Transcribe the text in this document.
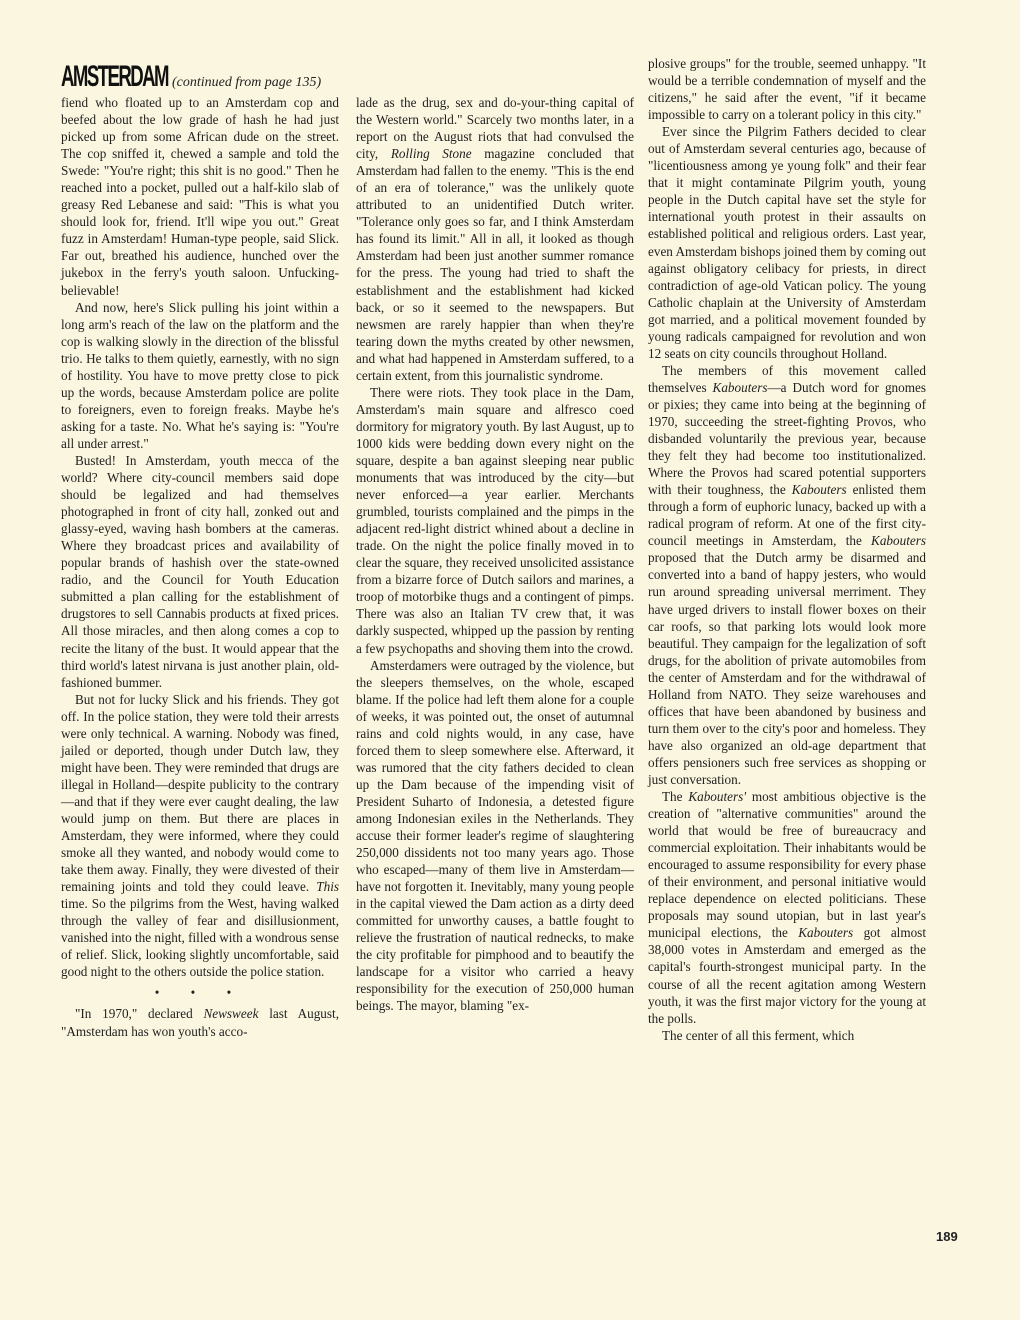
AMSTERDAM (continued from page 135)

fiend who floated up to an Amsterdam cop and beefed about the low grade of hash he had just picked up from some African dude on the street. The cop sniffed it, chewed a sample and told the Swede: "You're right; this shit is no good." Then he reached into a pocket, pulled out a half-kilo slab of greasy Red Lebanese and said: "This is what you should look for, friend. It'll wipe you out." Great fuzz in Amsterdam! Human-type people, said Slick. Far out, breathed his audience, hunched over the jukebox in the ferry's youth saloon. Unfucking-believable!

And now, here's Slick pulling his joint within a long arm's reach of the law on the platform and the cop is walking slowly in the direction of the blissful trio. He talks to them quietly, earnestly, with no sign of hostility. You have to move pretty close to pick up the words, because Amsterdam police are polite to foreigners, even to foreign freaks. Maybe he's asking for a taste. No. What he's saying is: "You're all under arrest."

Busted! In Amsterdam, youth mecca of the world? Where city-council members said dope should be legalized and had themselves photographed in front of city hall, zonked out and glassy-eyed, waving hash bombers at the cameras. Where they broadcast prices and availability of popular brands of hashish over the state-owned radio, and the Council for Youth Education submitted a plan calling for the establishment of drugstores to sell Cannabis products at fixed prices. All those miracles, and then along comes a cop to recite the litany of the bust. It would appear that the third world's latest nirvana is just another plain, old-fashioned bummer.

But not for lucky Slick and his friends. They got off. In the police station, they were told their arrests were only technical. A warning. Nobody was fined, jailed or deported, though under Dutch law, they might have been. They were reminded that drugs are illegal in Holland—despite publicity to the contrary —and that if they were ever caught dealing, the law would jump on them. But there are places in Amsterdam, they were informed, where they could smoke all they wanted, and nobody would come to take them away. Finally, they were divested of their remaining joints and told they could leave. This time. So the pilgrims from the West, having walked through the valley of fear and disillusionment, vanished into the night, filled with a wondrous sense of relief. Slick, looking slightly uncomfortable, said good night to the others outside the police station.

• • •

"In 1970," declared Newsweek last August, "Amsterdam has won youth's acco-

lade as the drug, sex and do-your-thing capital of the Western world." Scarcely two months later, in a report on the August riots that had convulsed the city, Rolling Stone magazine concluded that Amsterdam had fallen to the enemy. "This is the end of an era of tolerance," was the unlikely quote attributed to an unidentified Dutch writer. "Tolerance only goes so far, and I think Amsterdam has found its limit." All in all, it looked as though Amsterdam had been just another summer romance for the press. The young had tried to shaft the establishment and the establishment had kicked back, or so it seemed to the newspapers. But newsmen are rarely happier than when they're tearing down the myths created by other newsmen, and what had happened in Amsterdam suffered, to a certain extent, from this journalistic syndrome.

There were riots. They took place in the Dam, Amsterdam's main square and alfresco coed dormitory for migratory youth. By last August, up to 1000 kids were bedding down every night on the square, despite a ban against sleeping near public monuments that was introduced by the city—but never enforced—a year earlier. Merchants grumbled, tourists complained and the pimps in the adjacent red-light district whined about a decline in trade. On the night the police finally moved in to clear the square, they received unsolicited assistance from a bizarre force of Dutch sailors and marines, a troop of motorbike thugs and a contingent of pimps. There was also an Italian TV crew that, it was darkly suspected, whipped up the passion by renting a few psychopaths and shoving them into the crowd.

Amsterdamers were outraged by the violence, but the sleepers themselves, on the whole, escaped blame. If the police had left them alone for a couple of weeks, it was pointed out, the onset of autumnal rains and cold nights would, in any case, have forced them to sleep somewhere else. Afterward, it was rumored that the city fathers decided to clean up the Dam because of the impending visit of President Suharto of Indonesia, a detested figure among Indonesian exiles in the Netherlands. They accuse their former leader's regime of slaughtering 250,000 dissidents not too many years ago. Those who escaped—many of them live in Amsterdam—have not forgotten it. Inevitably, many young people in the capital viewed the Dam action as a dirty deed committed for unworthy causes, a battle fought to relieve the frustration of nautical rednecks, to make the city profitable for pimphood and to beautify the landscape for a visitor who carried a heavy responsibility for the execution of 250,000 human beings. The mayor, blaming "ex-

plosive groups" for the trouble, seemed unhappy. "It would be a terrible condemnation of myself and the citizens," he said after the event, "if it became impossible to carry on a tolerant policy in this city."

Ever since the Pilgrim Fathers decided to clear out of Amsterdam several centuries ago, because of "licentiousness among ye young folk" and their fear that it might contaminate Pilgrim youth, young people in the Dutch capital have set the style for international youth protest in their assaults on established political and religious orders. Last year, even Amsterdam bishops joined them by coming out against obligatory celibacy for priests, in direct contradiction of age-old Vatican policy. The young Catholic chaplain at the University of Amsterdam got married, and a political movement founded by young radicals campaigned for revolution and won 12 seats on city councils throughout Holland.

The members of this movement called themselves Kabouters—a Dutch word for gnomes or pixies; they came into being at the beginning of 1970, succeeding the street-fighting Provos, who disbanded voluntarily the previous year, because they felt they had become too institutionalized. Where the Provos had scared potential supporters with their toughness, the Kabouters enlisted them through a form of euphoric lunacy, backed up with a radical program of reform. At one of the first city-council meetings in Amsterdam, the Kabouters proposed that the Dutch army be disarmed and converted into a band of happy jesters, who would run around spreading universal merriment. They have urged drivers to install flower boxes on their car roofs, so that parking lots would look more beautiful. They campaign for the legalization of soft drugs, for the abolition of private automobiles from the center of Amsterdam and for the withdrawal of Holland from NATO. They seize warehouses and offices that have been abandoned by business and turn them over to the city's poor and homeless. They have also organized an old-age department that offers pensioners such free services as shopping or just conversation.

The Kabouters' most ambitious objective is the creation of "alternative communities" around the world that would be free of bureaucracy and commercial exploitation. Their inhabitants would be encouraged to assume responsibility for every phase of their environment, and personal initiative would replace dependence on elected politicians. These proposals may sound utopian, but in last year's municipal elections, the Kabouters got almost 38,000 votes in Amsterdam and emerged as the capital's fourth-strongest municipal party. In the course of all the recent agitation among Western youth, it was the first major victory for the young at the polls.

The center of all this ferment, which

189
